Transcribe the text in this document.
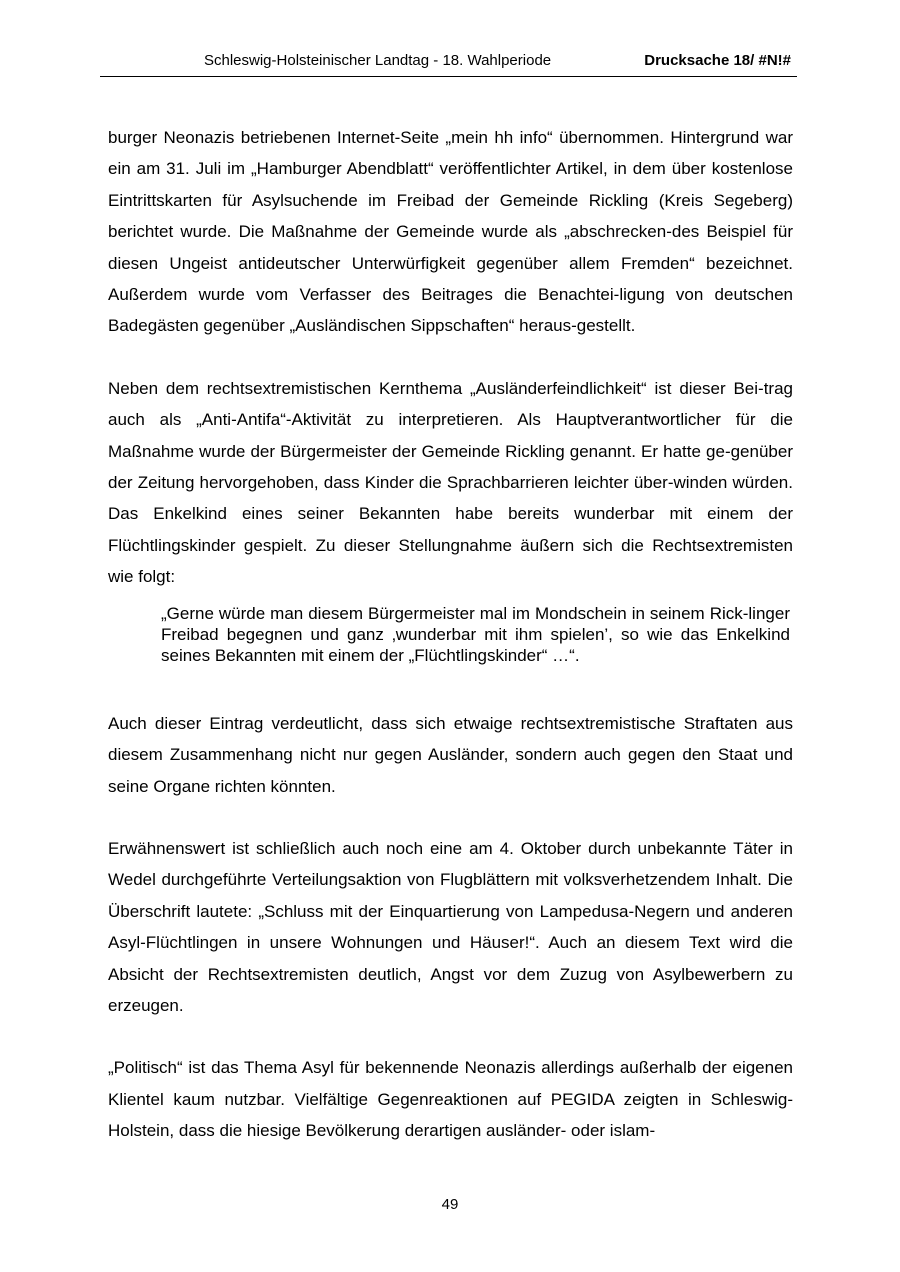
Schleswig-Holsteinischer Landtag - 18. Wahlperiode	Drucksache 18/ #N!#

burger Neonazis betriebenen Internet-Seite „mein hh info“ übernommen. Hintergrund war ein am 31. Juli im „Hamburger Abendblatt“ veröffentlichter Artikel, in dem über kostenlose Eintrittskarten für Asylsuchende im Freibad der Gemeinde Rickling (Kreis Segeberg) berichtet wurde. Die Maßnahme der Gemeinde wurde als „abschrecken-des Beispiel für diesen Ungeist antideutscher Unterwürfigkeit gegenüber allem Fremden“ bezeichnet. Außerdem wurde vom Verfasser des Beitrages die Benachtei-ligung von deutschen Badegästen gegenüber „Ausländischen Sippschaften“ heraus-gestellt.

Neben dem rechtsextremistischen Kernthema „Ausländerfeindlichkeit“ ist dieser Bei-trag auch als „Anti-Antifa“-Aktivität zu interpretieren. Als Hauptverantwortlicher für die Maßnahme wurde der Bürgermeister der Gemeinde Rickling genannt. Er hatte ge-genüber der Zeitung hervorgehoben, dass Kinder die Sprachbarrieren leichter über-winden würden. Das Enkelkind eines seiner Bekannten habe bereits wunderbar mit einem der Flüchtlingskinder gespielt. Zu dieser Stellungnahme äußern sich die Rechtsextremisten wie folgt:

„Gerne würde man diesem Bürgermeister mal im Mondschein in seinem Rick-linger Freibad begegnen und ganz ‚wunderbar mit ihm spielen’, so wie das Enkelkind seines Bekannten mit einem der „Flüchtlingskinder“ …“.

Auch dieser Eintrag verdeutlicht, dass sich etwaige rechtsextremistische Straftaten aus diesem Zusammenhang nicht nur gegen Ausländer, sondern auch gegen den Staat und seine Organe richten könnten.

Erwähnenswert ist schließlich auch noch eine am 4. Oktober durch unbekannte Täter in Wedel durchgeführte Verteilungsaktion von Flugblättern mit volksverhetzendem Inhalt. Die Überschrift lautete: „Schluss mit der Einquartierung von Lampedusa-Negern und anderen Asyl-Flüchtlingen in unsere Wohnungen und Häuser!“. Auch an diesem Text wird die Absicht der Rechtsextremisten deutlich, Angst vor dem Zuzug von Asylbewerbern zu erzeugen.

„Politisch“ ist das Thema Asyl für bekennende Neonazis allerdings außerhalb der eigenen Klientel kaum nutzbar. Vielfältige Gegenreaktionen auf PEGIDA zeigten in Schleswig-Holstein, dass die hiesige Bevölkerung derartigen ausländer- oder islam-

49
